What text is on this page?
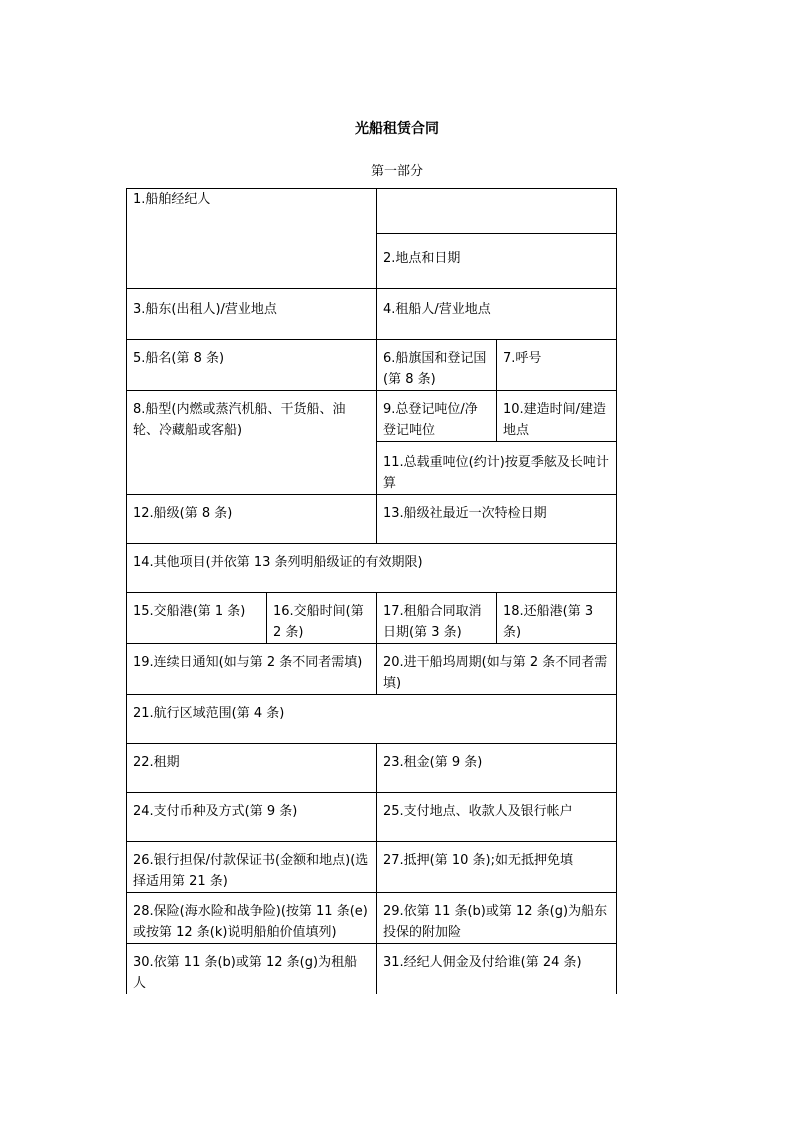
光船租赁合同
第一部分
1.船舶经纪人			

		2.地点和日期	

3.船东(出租人)/营业地点		4.租船人/营业地点	

5.船名(第 8 条)		6.船旗国和登记国(第 8 条)	7.呼号

8.船型(内燃或蒸汽机船、干货船、油轮、冷藏船或客船)		9.总登记吨位/净登记吨位	10.建造时间/建造地点

		11.总载重吨位(约计)按夏季舷及长吨计算	

12.船级(第 8 条)		13.船级社最近一次特检日期	

14.其他项目(并依第 13 条列明船级证的有效期限)			

15.交船港(第 1 条)	16.交船时间(第 2 条)	17.租船合同取消日期(第 3 条)	18.还船港(第 3 条)

19.连续日通知(如与第 2 条不同者需填)		20.进干船坞周期(如与第 2 条不同者需填)	

21.航行区域范围(第 4 条)			

22.租期		23.租金(第 9 条)	

24.支付币种及方式(第 9 条)		25.支付地点、收款人及银行帐户	

26.银行担保/付款保证书(金额和地点)(选择适用第 21 条)		27.抵押(第 10 条);如无抵押免填	

28.保险(海水险和战争险)(按第 11 条(e)或按第 12 条(k)说明船舶价值填列)		29.依第 11 条(b)或第 12 条(g)为船东投保的附加险	

30.依第 11 条(b)或第 12 条(g)为租船人		31.经纪人佣金及付给谁(第 24 条)	
